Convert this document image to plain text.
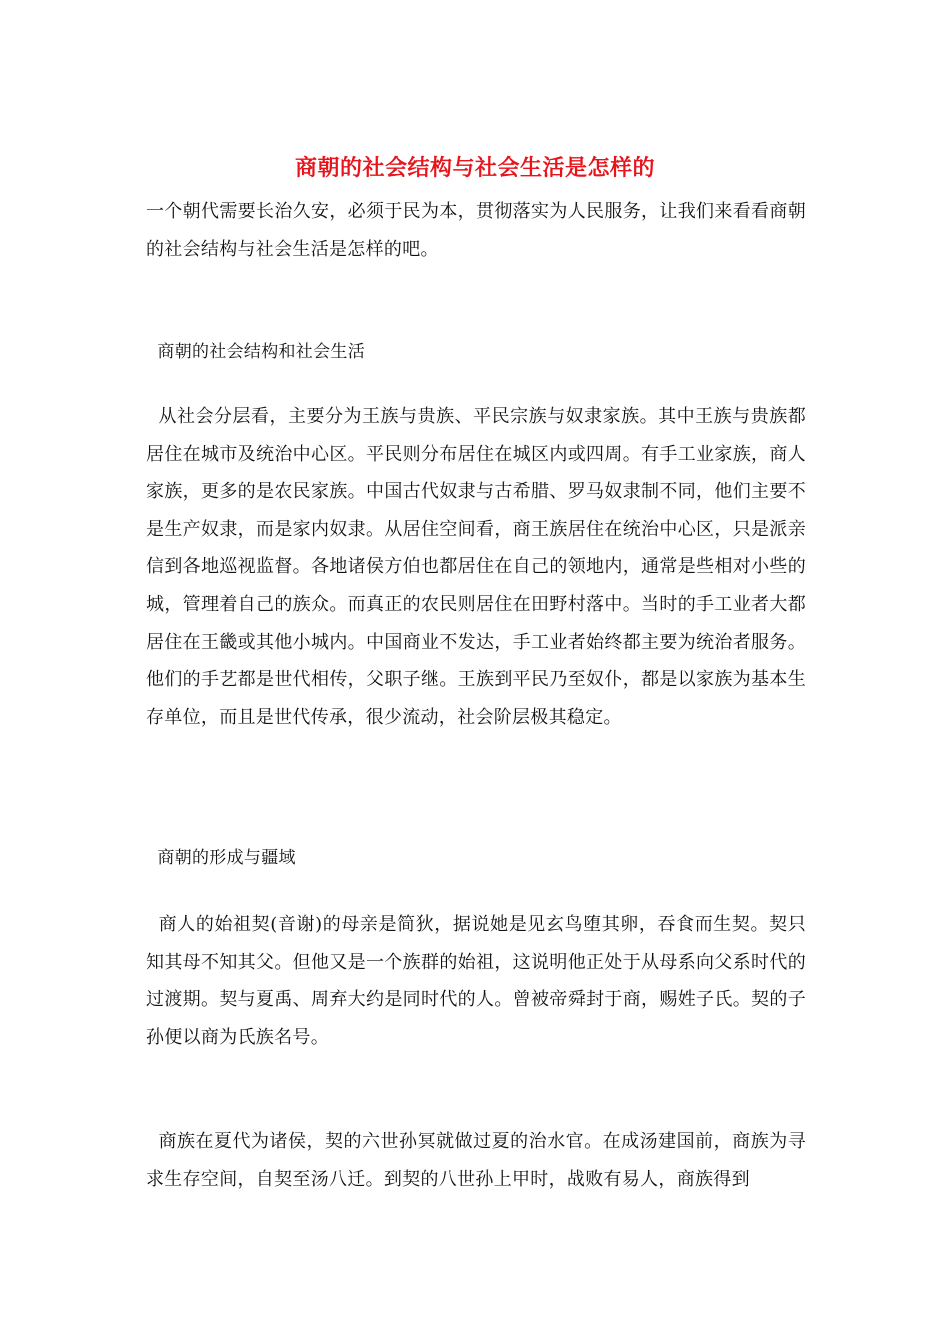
商朝的社会结构与社会生活是怎样的

一个朝代需要长治久安，必须于民为本，贯彻落实为人民服务，让我们来看看商朝的社会结构与社会生活是怎样的吧。

商朝的社会结构和社会生活

从社会分层看，主要分为王族与贵族、平民宗族与奴隶家族。其中王族与贵族都居住在城市及统治中心区。平民则分布居住在城区内或四周。有手工业家族，商人家族，更多的是农民家族。中国古代奴隶与古希腊、罗马奴隶制不同，他们主要不是生产奴隶，而是家内奴隶。从居住空间看，商王族居住在统治中心区，只是派亲信到各地巡视监督。各地诸侯方伯也都居住在自己的领地内，通常是些相对小些的城，管理着自己的族众。而真正的农民则居住在田野村落中。当时的手工业者大都居住在王畿或其他小城内。中国商业不发达，手工业者始终都主要为统治者服务。他们的手艺都是世代相传，父职子继。王族到平民乃至奴仆，都是以家族为基本生存单位，而且是世代传承，很少流动，社会阶层极其稳定。

商朝的形成与疆域

商人的始祖契(音谢)的母亲是简狄，据说她是见玄鸟堕其卵，吞食而生契。契只知其母不知其父。但他又是一个族群的始祖，这说明他正处于从母系向父系时代的过渡期。契与夏禹、周弃大约是同时代的人。曾被帝舜封于商，赐姓子氏。契的子孙便以商为氏族名号。

商族在夏代为诸侯，契的六世孙冥就做过夏的治水官。在成汤建国前，商族为寻求生存空间，自契至汤八迁。到契的八世孙上甲时，战败有易人，商族得到
